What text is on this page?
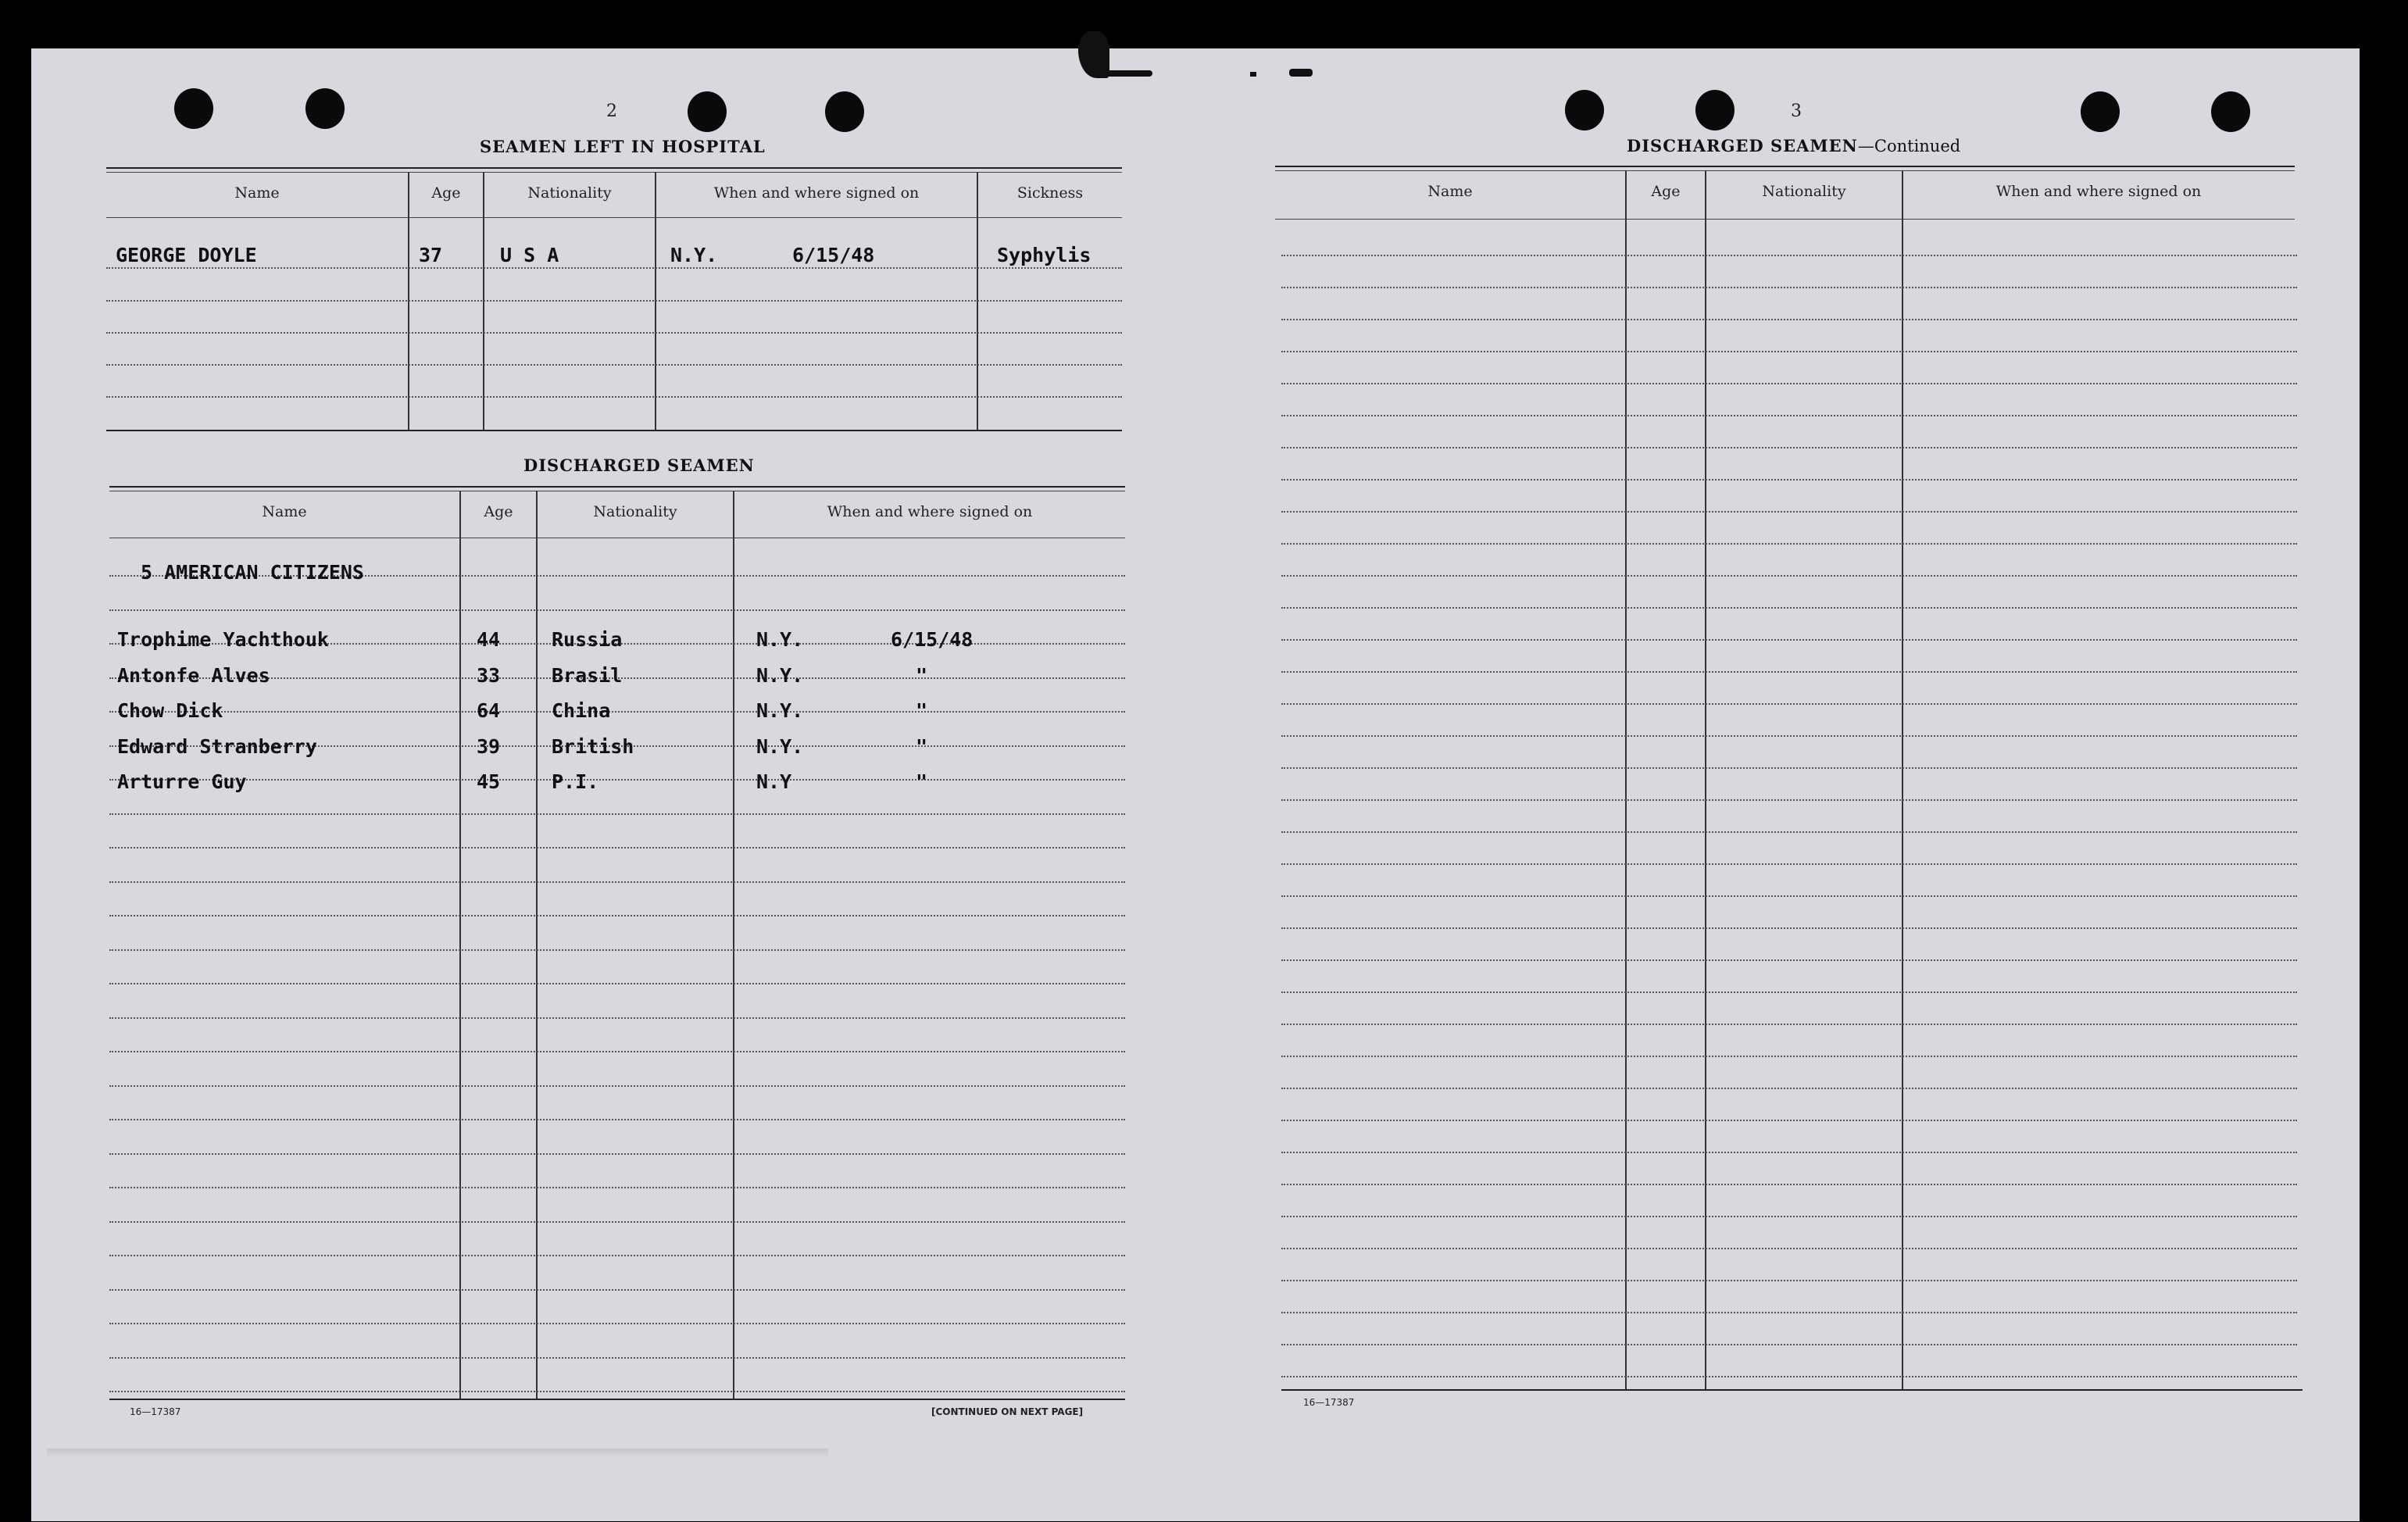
2
SEAMEN LEFT IN HOSPITAL
Name	Age	Nationality	When and where signed on	Sickness
GEORGE DOYLE	37	U S A	N.Y.	6/15/48	Syphylis
DISCHARGED SEAMEN
Name	Age	Nationality	When and where signed on
5 AMERICAN CITIZENS
Trophime Yachthouk	44	Russia	N.Y.	6/15/48
Antonfe Alves	33	Brasil	N.Y.	"
Chow Dick	64	China	N.Y.	"
Edward Stranberry	39	British	N.Y.	"
Arturre Guy	45	P.I.	N.Y	"
16—17387	[CONTINUED ON NEXT PAGE]
3
DISCHARGED SEAMEN—Continued
Name	Age	Nationality	When and where signed on
16—17387
